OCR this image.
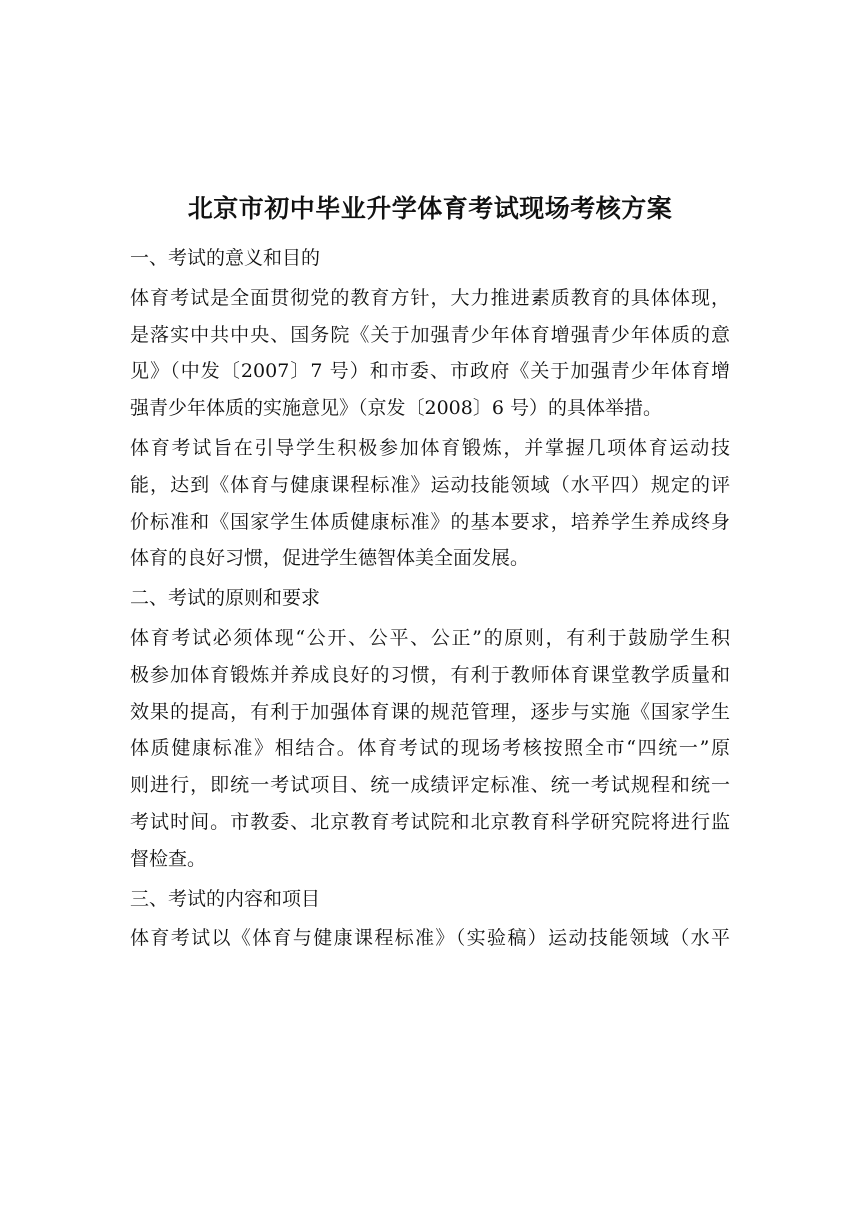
北京市初中毕业升学体育考试现场考核方案

一、考试的意义和目的

体育考试是全面贯彻党的教育方针，大力推进素质教育的具体体现，

是落实中共中央、国务院《关于加强青少年体育增强青少年体质的意

见》（中发〔2007〕7 号）和市委、市政府《关于加强青少年体育增

强青少年体质的实施意见》（京发〔2008〕6 号）的具体举措。

体育考试旨在引导学生积极参加体育锻炼，并掌握几项体育运动技

能，达到《体育与健康课程标准》运动技能领域（水平四）规定的评

价标准和《国家学生体质健康标准》的基本要求，培养学生养成终身

体育的良好习惯，促进学生德智体美全面发展。

二、考试的原则和要求

体育考试必须体现“公开、公平、公正”的原则，有利于鼓励学生积

极参加体育锻炼并养成良好的习惯，有利于教师体育课堂教学质量和

效果的提高，有利于加强体育课的规范管理，逐步与实施《国家学生

体质健康标准》相结合。体育考试的现场考核按照全市“四统一”原

则进行，即统一考试项目、统一成绩评定标准、统一考试规程和统一

考试时间。市教委、北京教育考试院和北京教育科学研究院将进行监

督检查。

三、考试的内容和项目

体育考试以《体育与健康课程标准》（实验稿）运动技能领域（水平
